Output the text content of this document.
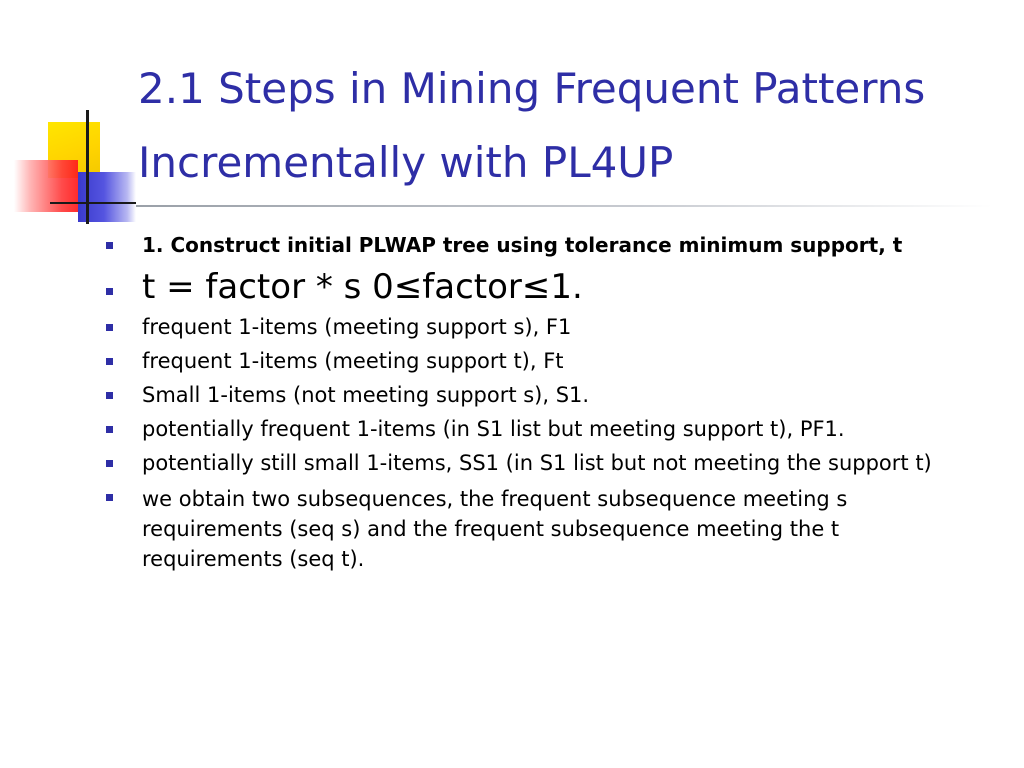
2.1 Steps in Mining Frequent Patterns Incrementally with PL4UP
1. Construct initial PLWAP tree using tolerance minimum support, t
t = factor * s 0≤factor≤1.
frequent 1-items (meeting support s), F1
frequent 1-items (meeting support t), Ft
Small 1-items (not meeting support s), S1.
potentially frequent 1-items (in S1 list but meeting support t), PF1.
potentially still small 1-items, SS1 (in S1 list but not meeting the support t)
we obtain two subsequences, the frequent subsequence meeting s requirements (seq s) and the frequent subsequence meeting the t requirements (seq t).
